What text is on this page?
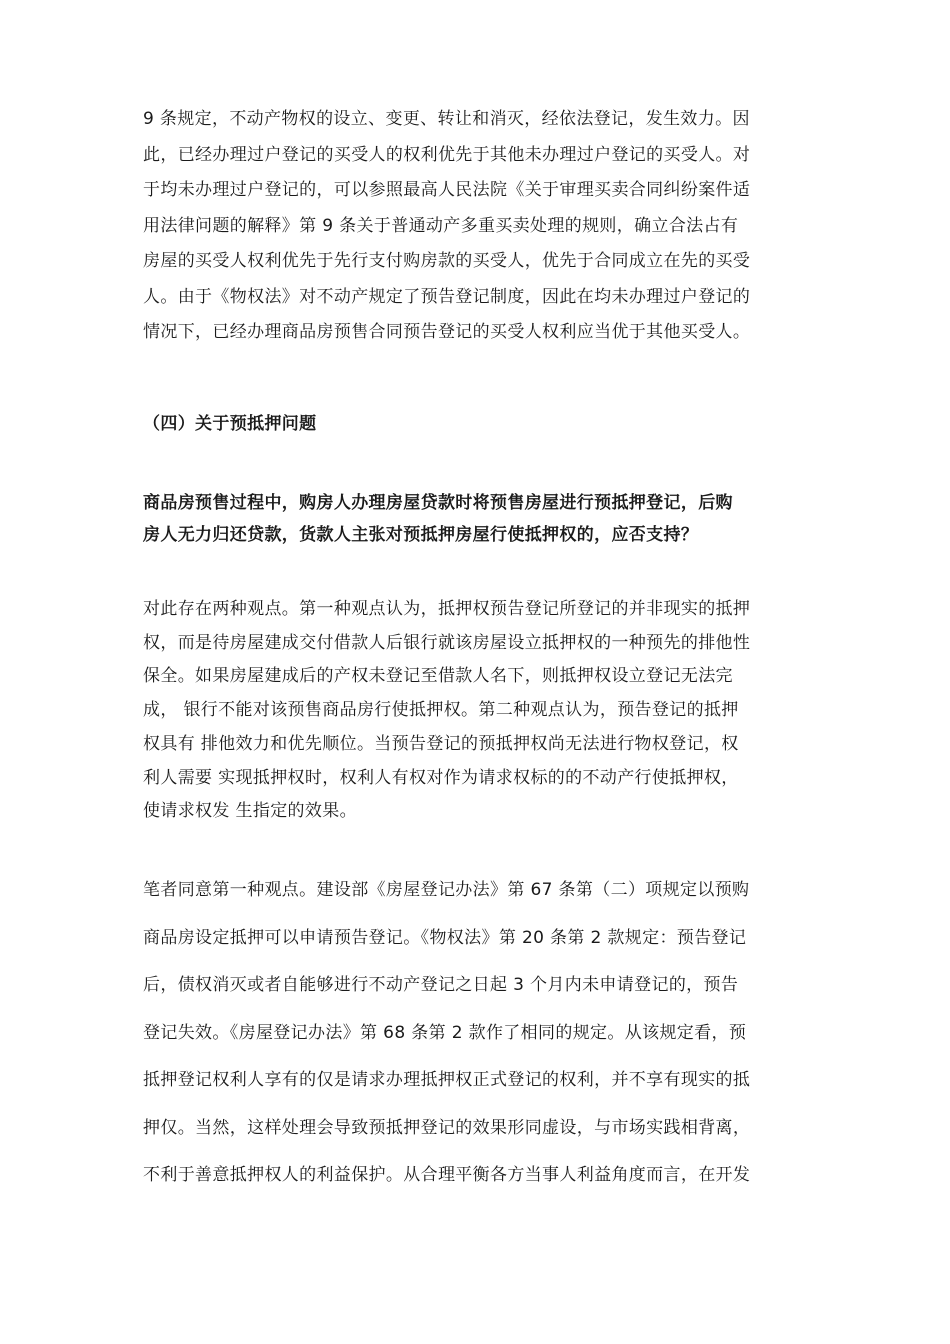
9 条规定，不动产物权的设立、变更、转让和消灭，经依法登记，发生效力。因
此，已经办理过户登记的买受人的权利优先于其他未办理过户登记的买受人。对
于均未办理过户登记的，可以参照最高人民法院《关于审理买卖合同纠纷案件适
用法律问题的解释》第 9 条关于普通动产多重买卖处理的规则，确立合法占有
房屋的买受人权利优先于先行支付购房款的买受人，优先于合同成立在先的买受
人。由于《物权法》对不动产规定了预告登记制度，因此在均未办理过户登记的
情况下，已经办理商品房预售合同预告登记的买受人权利应当优于其他买受人。
（四）关于预抵押问题
商品房预售过程中，购房人办理房屋贷款时将预售房屋进行预抵押登记，后购
房人无力归还贷款，货款人主张对预抵押房屋行使抵押权的，应否支持？
对此存在两种观点。第一种观点认为，抵押权预告登记所登记的并非现实的抵押
权，而是待房屋建成交付借款人后银行就该房屋设立抵押权的一种预先的排他性
保全。如果房屋建成后的产权未登记至借款人名下，则抵押权设立登记无法完
成， 银行不能对该预售商品房行使抵押权。第二种观点认为，预告登记的抵押
权具有 排他效力和优先顺位。当预告登记的预抵押权尚无法进行物权登记，权
利人需要 实现抵押权时，权利人有权对作为请求权标的的不动产行使抵押权，
使请求权发 生指定的效果。
笔者同意第一种观点。建设部《房屋登记办法》第 67 条第（二）项规定以预购
商品房设定抵押可以申请预告登记。《物权法》第 20 条第 2 款规定：预告登记
后，债权消灭或者自能够进行不动产登记之日起 3 个月内未申请登记的，预告
登记失效。《房屋登记办法》第 68 条第 2 款作了相同的规定。从该规定看，预
抵押登记权利人享有的仅是请求办理抵押权正式登记的权利，并不享有现实的抵
押仅。当然，这样处理会导致预抵押登记的效果形同虚设，与市场实践相背离，
不利于善意抵押权人的利益保护。从合理平衡各方当事人利益角度而言，在开发
